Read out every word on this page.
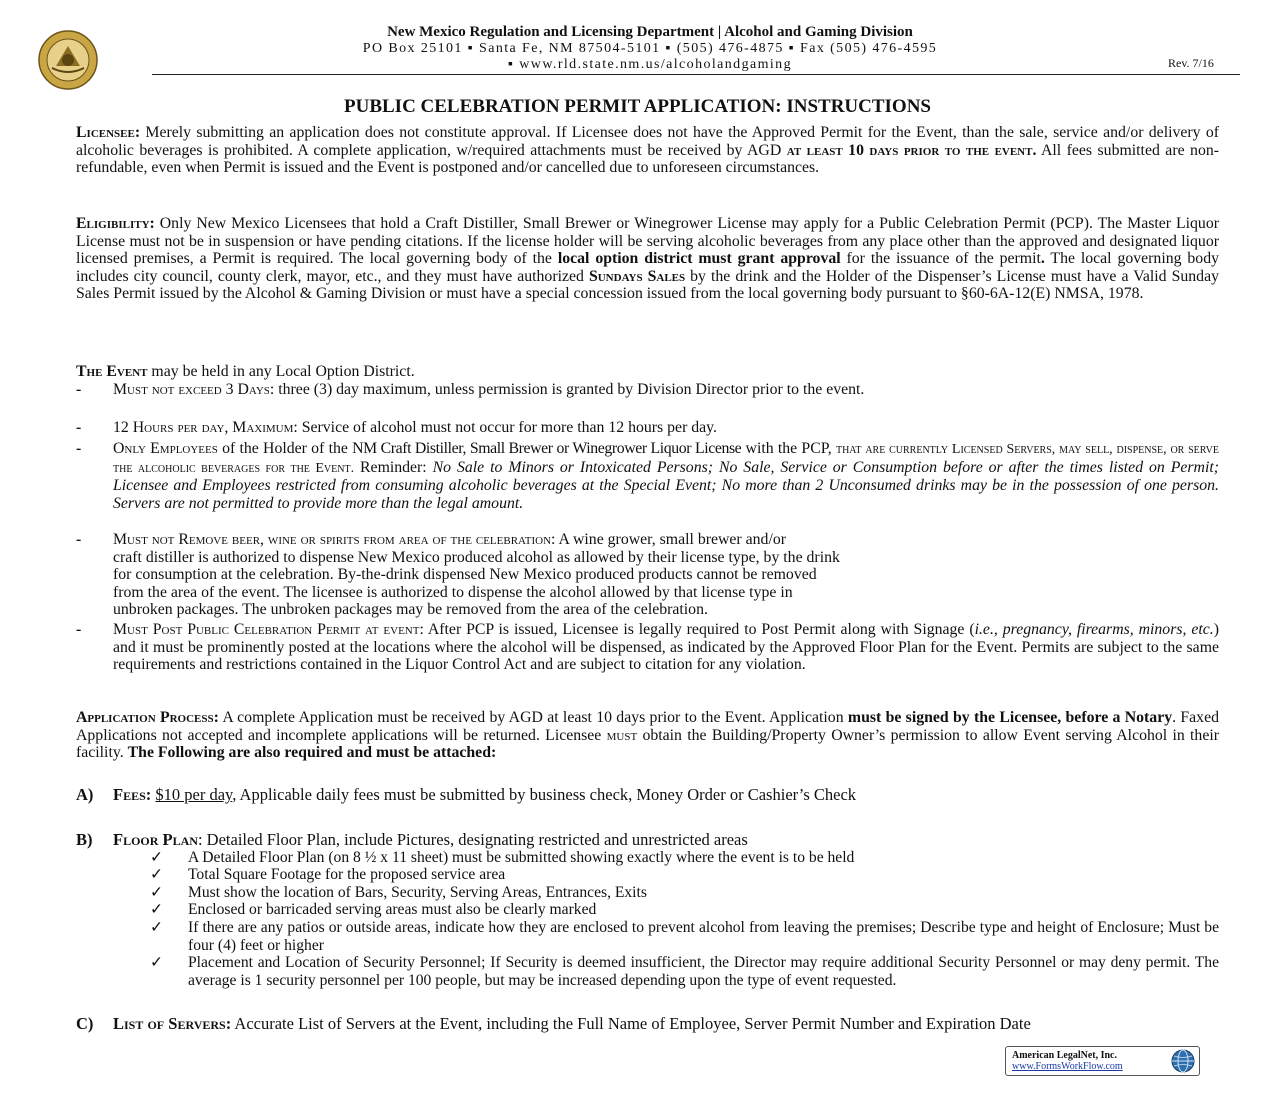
New Mexico Regulation and Licensing Department | Alcohol and Gaming Division
PO Box 25101 ▪ Santa Fe, NM 87504-5101 ▪ (505) 476-4875 ▪ Fax (505) 476-4595
▪ www.rld.state.nm.us/alcoholandgaming	Rev. 7/16
PUBLIC CELEBRATION PERMIT APPLICATION: INSTRUCTIONS
Licensee: Merely submitting an application does not constitute approval. If Licensee does not have the Approved Permit for the Event, than the sale, service and/or delivery of alcoholic beverages is prohibited. A complete application, w/required attachments must be received by AGD at least 10 days prior to the event. All fees submitted are non-refundable, even when Permit is issued and the Event is postponed and/or cancelled due to unforeseen circumstances.
Eligibility: Only New Mexico Licensees that hold a Craft Distiller, Small Brewer or Winegrower License may apply for a Public Celebration Permit (PCP). The Master Liquor License must not be in suspension or have pending citations. If the license holder will be serving alcoholic beverages from any place other than the approved and designated liquor licensed premises, a Permit is required. The local governing body of the local option district must grant approval for the issuance of the permit. The local governing body includes city council, county clerk, mayor, etc., and they must have authorized Sundays Sales by the drink and the Holder of the Dispenser’s License must have a Valid Sunday Sales Permit issued by the Alcohol & Gaming Division or must have a special concession issued from the local governing body pursuant to §60-6A-12(E) NMSA, 1978.
The Event may be held in any Local Option District.
- Must not exceed 3 Days: three (3) day maximum, unless permission is granted by Division Director prior to the event.
- 12 Hours per day, Maximum: Service of alcohol must not occur for more than 12 hours per day.
- Only Employees of the Holder of the NM Craft Distiller, Small Brewer or Winegrower Liquor License with the PCP, that are currently Licensed Servers, may sell, dispense, or serve the alcoholic beverages for the Event. Reminder: No Sale to Minors or Intoxicated Persons; No Sale, Service or Consumption before or after the times listed on Permit; Licensee and Employees restricted from consuming alcoholic beverages at the Special Event; No more than 2 Unconsumed drinks may be in the possession of one person. Servers are not permitted to provide more than the legal amount.
- Must not Remove beer, wine or spirits from area of the celebration: A wine grower, small brewer and/or
craft distiller is authorized to dispense New Mexico produced alcohol as allowed by their license type, by the drink
for consumption at the celebration. By-the-drink dispensed New Mexico produced products cannot be removed
from the area of the event. The licensee is authorized to dispense the alcohol allowed by that license type in
unbroken packages. The unbroken packages may be removed from the area of the celebration.
- Must Post Public Celebration Permit at event: After PCP is issued, Licensee is legally required to Post Permit along with Signage (i.e., pregnancy, firearms, minors, etc.) and it must be prominently posted at the locations where the alcohol will be dispensed, as indicated by the Approved Floor Plan for the Event. Permits are subject to the same requirements and restrictions contained in the Liquor Control Act and are subject to citation for any violation.
Application Process: A complete Application must be received by AGD at least 10 days prior to the Event. Application must be signed by the Licensee, before a Notary. Faxed Applications not accepted and incomplete applications will be returned. Licensee must obtain the Building/Property Owner’s permission to allow Event serving Alcohol in their facility. The Following are also required and must be attached:
A) Fees: $10 per day, Applicable daily fees must be submitted by business check, Money Order or Cashier’s Check
B) Floor Plan: Detailed Floor Plan, include Pictures, designating restricted and unrestricted areas
✓ A Detailed Floor Plan (on 8 ½ x 11 sheet) must be submitted showing exactly where the event is to be held
✓ Total Square Footage for the proposed service area
✓ Must show the location of Bars, Security, Serving Areas, Entrances, Exits
✓ Enclosed or barricaded serving areas must also be clearly marked
✓ If there are any patios or outside areas, indicate how they are enclosed to prevent alcohol from leaving the premises; Describe type and height of Enclosure; Must be four (4) feet or higher
✓ Placement and Location of Security Personnel; If Security is deemed insufficient, the Director may require additional Security Personnel or may deny permit. The average is 1 security personnel per 100 people, but may be increased depending upon the type of event requested.
C) List of Servers: Accurate List of Servers at the Event, including the Full Name of Employee, Server Permit Number and Expiration Date
American LegalNet, Inc.
www.FormsWorkFlow.com
